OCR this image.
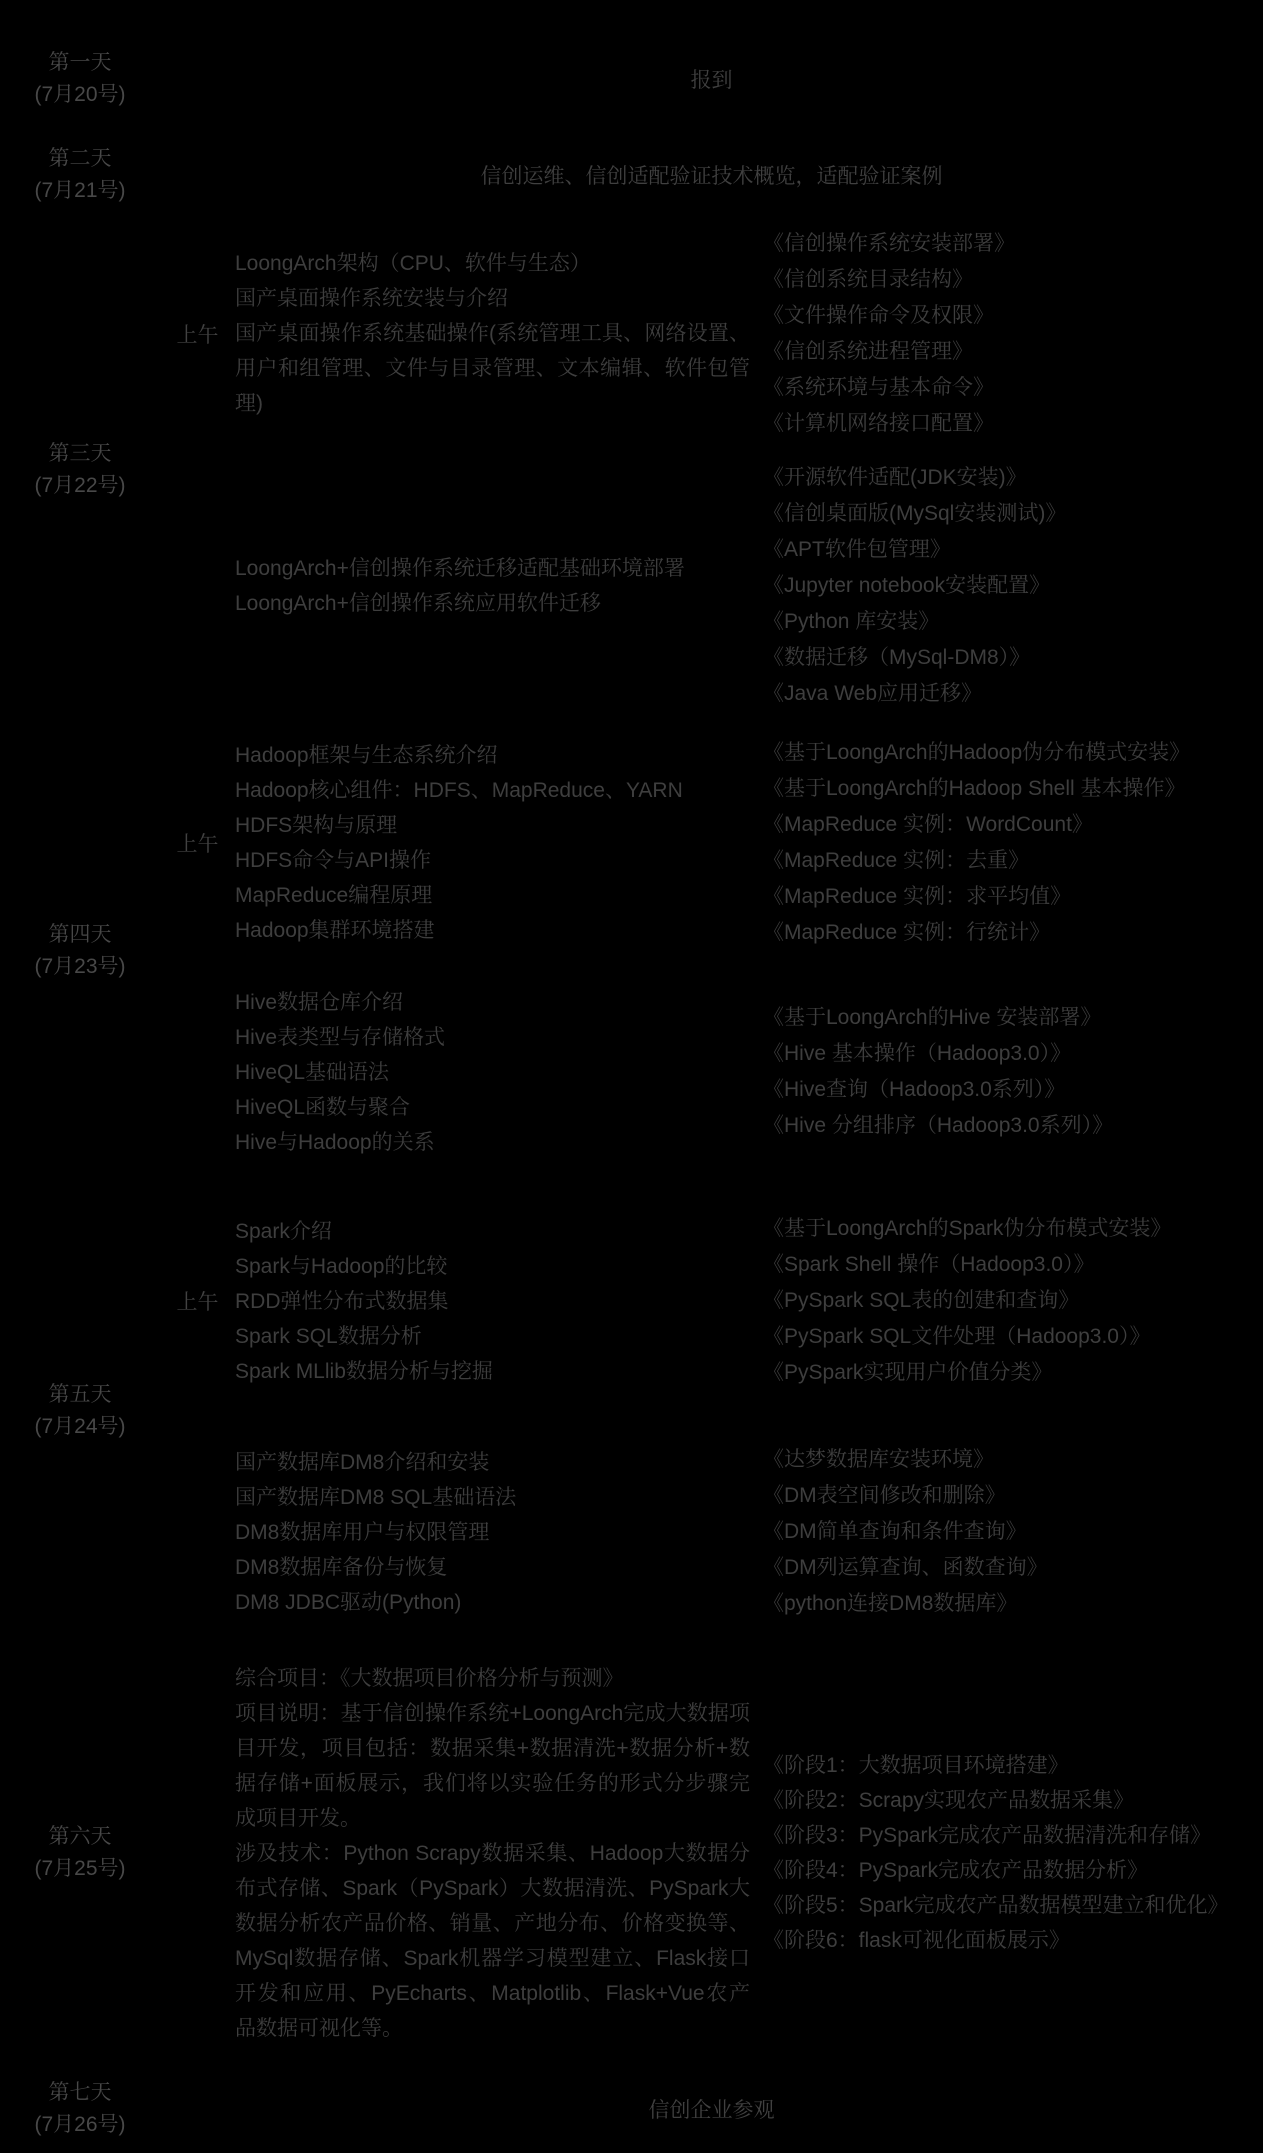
第一天
(7月20号)
报到
第二天
(7月21号)
信创运维、信创适配验证技术概览，适配验证案例
第三天
(7月22号)
上午
LoongArch架构（CPU、软件与生态）
国产桌面操作系统安装与介绍
国产桌面操作系统基础操作(系统管理工具、网络设置、用户和组管理、文件与目录管理、文本编辑、软件包管理)
《信创操作系统安装部署》
《信创系统目录结构》
《文件操作命令及权限》
《信创系统进程管理》
《系统环境与基本命令》
《计算机网络接口配置》
LoongArch+信创操作系统迁移适配基础环境部署
LoongArch+信创操作系统应用软件迁移
《开源软件适配(JDK安装)》
《信创桌面版(MySql安装测试)》
《APT软件包管理》
《Jupyter notebook安装配置》
《Python 库安装》
《数据迁移（MySql-DM8）》
《Java Web应用迁移》
第四天
(7月23号)
上午
Hadoop框架与生态系统介绍
Hadoop核心组件：HDFS、MapReduce、YARN
HDFS架构与原理
HDFS命令与API操作
MapReduce编程原理
Hadoop集群环境搭建
《基于LoongArch的Hadoop伪分布模式安装》
《基于LoongArch的Hadoop Shell 基本操作》
《MapReduce 实例：WordCount》
《MapReduce 实例：去重》
《MapReduce 实例：求平均值》
《MapReduce 实例：行统计》
Hive数据仓库介绍
Hive表类型与存储格式
HiveQL基础语法
HiveQL函数与聚合
Hive与Hadoop的关系
《基于LoongArch的Hive 安装部署》
《Hive 基本操作（Hadoop3.0）》
《Hive查询（Hadoop3.0系列）》
《Hive 分组排序（Hadoop3.0系列）》
第五天
(7月24号)
上午
Spark介绍
Spark与Hadoop的比较
RDD弹性分布式数据集
Spark SQL数据分析
Spark MLlib数据分析与挖掘
《基于LoongArch的Spark伪分布模式安装》
《Spark Shell 操作（Hadoop3.0）》
《PySpark SQL表的创建和查询》
《PySpark SQL文件处理（Hadoop3.0）》
《PySpark实现用户价值分类》
国产数据库DM8介绍和安装
国产数据库DM8 SQL基础语法
DM8数据库用户与权限管理
DM8数据库备份与恢复
DM8 JDBC驱动(Python)
《达梦数据库安装环境》
《DM表空间修改和删除》
《DM简单查询和条件查询》
《DM列运算查询、函数查询》
《python连接DM8数据库》
第六天
(7月25号)
综合项目：《大数据项目价格分析与预测》
项目说明：基于信创操作系统+LoongArch完成大数据项目开发，项目包括：数据采集+数据清洗+数据分析+数据存储+面板展示，我们将以实验任务的形式分步骤完成项目开发。
涉及技术：Python Scrapy数据采集、Hadoop大数据分布式存储、Spark（PySpark）大数据清洗、PySpark大数据分析农产品价格、销量、产地分布、价格变换等、MySql数据存储、Spark机器学习模型建立、Flask接口开发和应用、PyEcharts、Matplotlib、Flask+Vue农产品数据可视化等。
《阶段1：大数据项目环境搭建》
《阶段2：Scrapy实现农产品数据采集》
《阶段3：PySpark完成农产品数据清洗和存储》
《阶段4：PySpark完成农产品数据分析》
《阶段5：Spark完成农产品数据模型建立和优化》
《阶段6：flask可视化面板展示》
第七天
(7月26号)
信创企业参观
